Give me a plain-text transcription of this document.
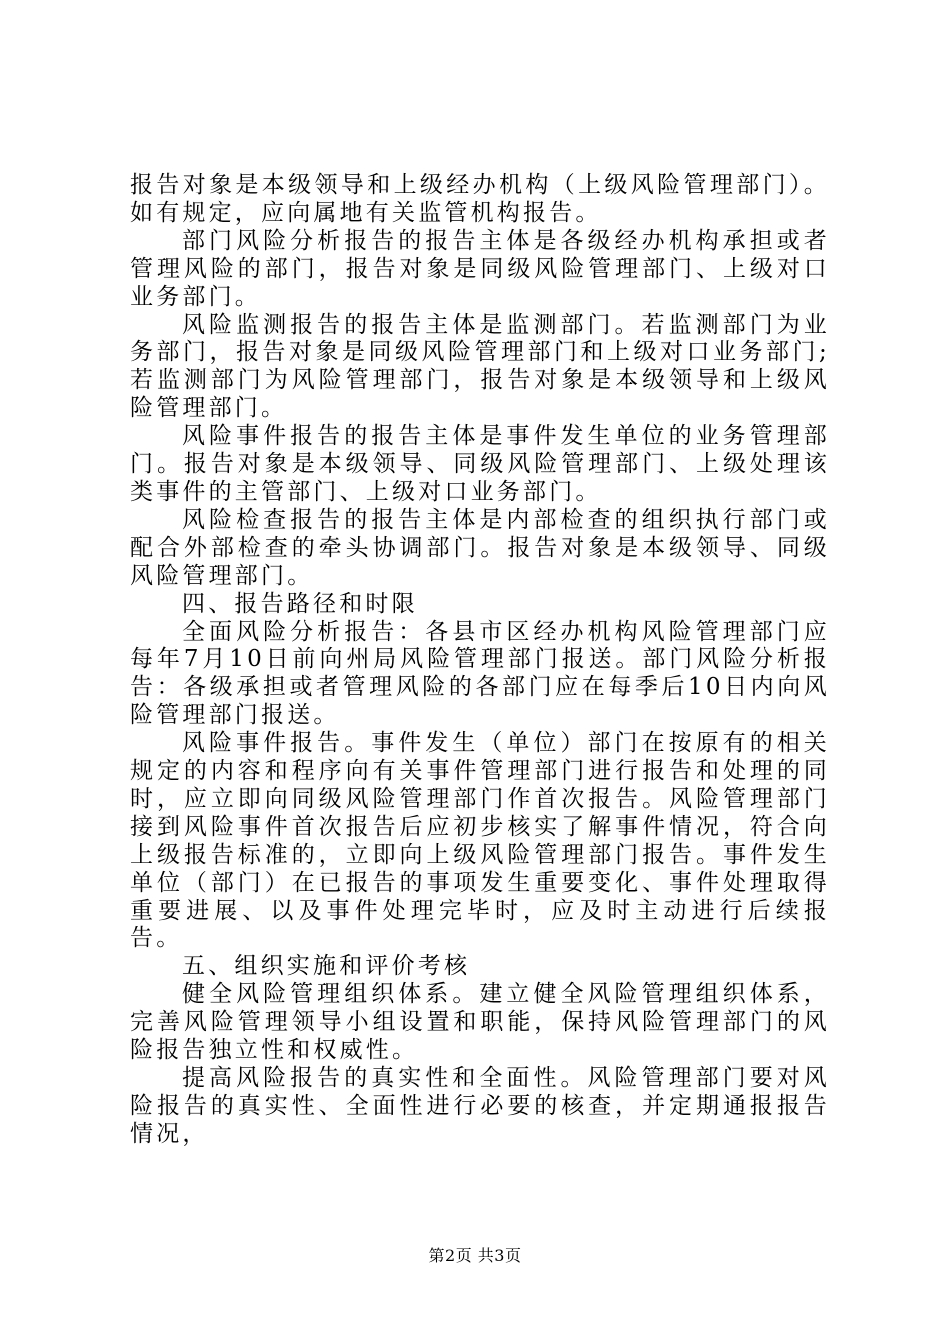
报告对象是本级领导和上级经办机构（上级风险管理部门）。如有规定，应向属地有关监管机构报告。

部门风险分析报告的报告主体是各级经办机构承担或者管理风险的部门，报告对象是同级风险管理部门、上级对口业务部门。

风险监测报告的报告主体是监测部门。若监测部门为业务部门，报告对象是同级风险管理部门和上级对口业务部门;若监测部门为风险管理部门，报告对象是本级领导和上级风险管理部门。

风险事件报告的报告主体是事件发生单位的业务管理部门。报告对象是本级领导、同级风险管理部门、上级处理该类事件的主管部门、上级对口业务部门。

风险检查报告的报告主体是内部检查的组织执行部门或配合外部检查的牵头协调部门。报告对象是本级领导、同级风险管理部门。

四、报告路径和时限

全面风险分析报告：各县市区经办机构风险管理部门应每年7月10日前向州局风险管理部门报送。部门风险分析报告：各级承担或者管理风险的各部门应在每季后10日内向风险管理部门报送。

风险事件报告。事件发生（单位）部门在按原有的相关规定的内容和程序向有关事件管理部门进行报告和处理的同时，应立即向同级风险管理部门作首次报告。风险管理部门接到风险事件首次报告后应初步核实了解事件情况，符合向上级报告标准的，立即向上级风险管理部门报告。事件发生单位（部门）在已报告的事项发生重要变化、事件处理取得重要进展、以及事件处理完毕时，应及时主动进行后续报告。

五、组织实施和评价考核

健全风险管理组织体系。建立健全风险管理组织体系，完善风险管理领导小组设置和职能，保持风险管理部门的风险报告独立性和权威性。

提高风险报告的真实性和全面性。风险管理部门要对风险报告的真实性、全面性进行必要的核查，并定期通报报告情况，

第2页 共3页
